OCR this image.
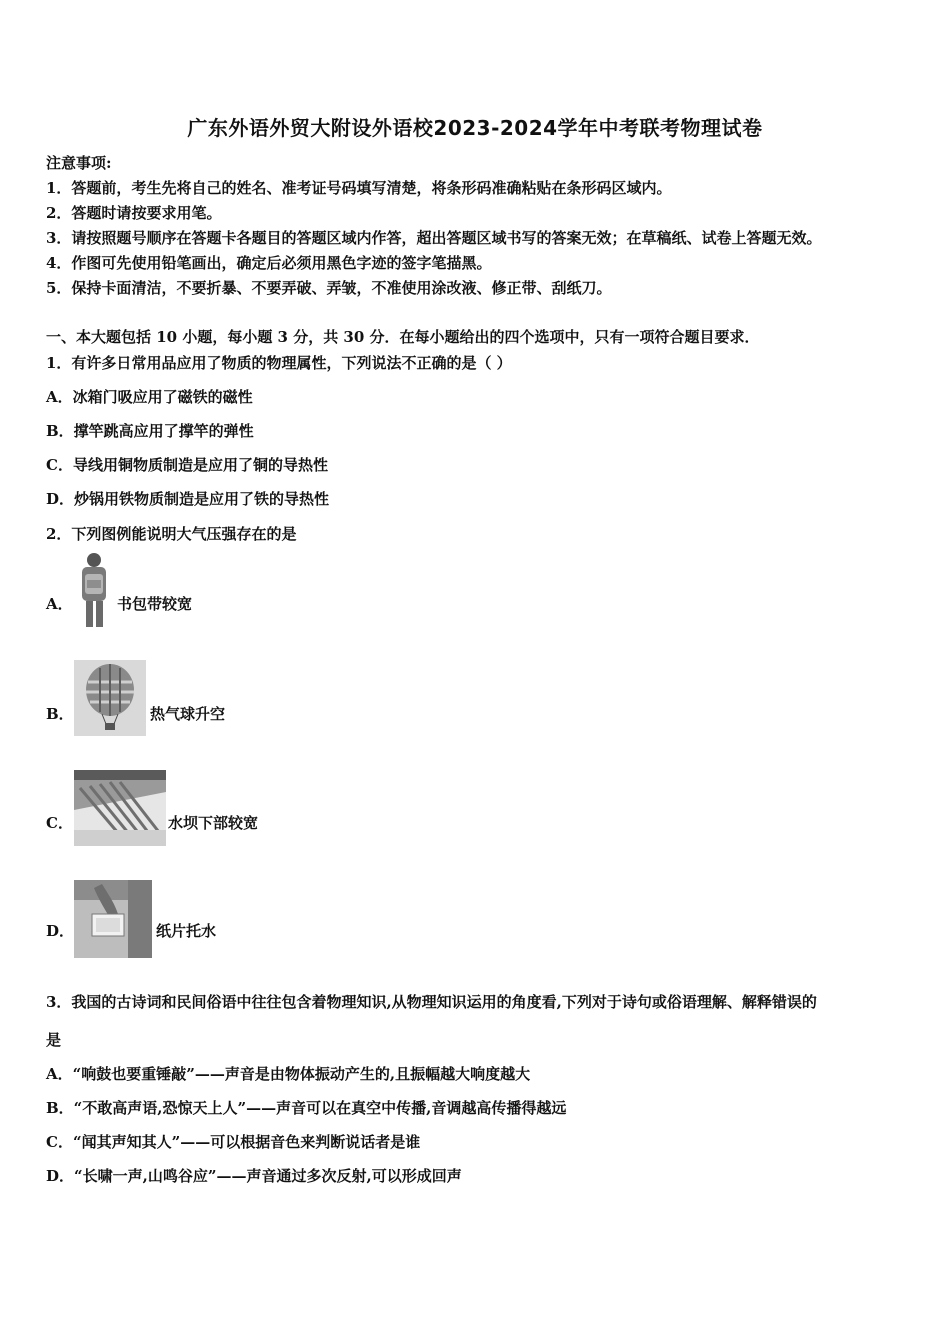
广东外语外贸大附设外语校2023-2024学年中考联考物理试卷
注意事项:
1．答题前，考生先将自己的姓名、准考证号码填写清楚，将条形码准确粘贴在条形码区域内。
2．答题时请按要求用笔。
3．请按照题号顺序在答题卡各题目的答题区域内作答，超出答题区域书写的答案无效；在草稿纸、试卷上答题无效。
4．作图可先使用铅笔画出，确定后必须用黑色字迹的签字笔描黑。
5．保持卡面清洁，不要折暴、不要弄破、弄皱，不准使用涂改液、修正带、刮纸刀。
一、本大题包括 10 小题，每小题 3 分，共 30 分．在每小题给出的四个选项中，只有一项符合题目要求．
1．有许多日常用品应用了物质的物理属性，下列说法不正确的是（ ）
A．冰箱门吸应用了磁铁的磁性
B．撑竿跳高应用了撑竿的弹性
C．导线用铜物质制造是应用了铜的导热性
D．炒锅用铁物质制造是应用了铁的导热性
2．下列图例能说明大气压强存在的是
A．	书包带较宽
B．	热气球升空
C．	水坝下部较宽
D．	纸片托水
3．我国的古诗词和民间俗语中往往包含着物理知识,从物理知识运用的角度看,下列对于诗句或俗语理解、解释错误的
是
A．“响鼓也要重锤敲”——声音是由物体振动产生的,且振幅越大响度越大
B．“不敢高声语,恐惊天上人”——声音可以在真空中传播,音调越高传播得越远
C．“闻其声知其人”——可以根据音色来判断说话者是谁
D．“长啸一声,山鸣谷应”——声音通过多次反射,可以形成回声
